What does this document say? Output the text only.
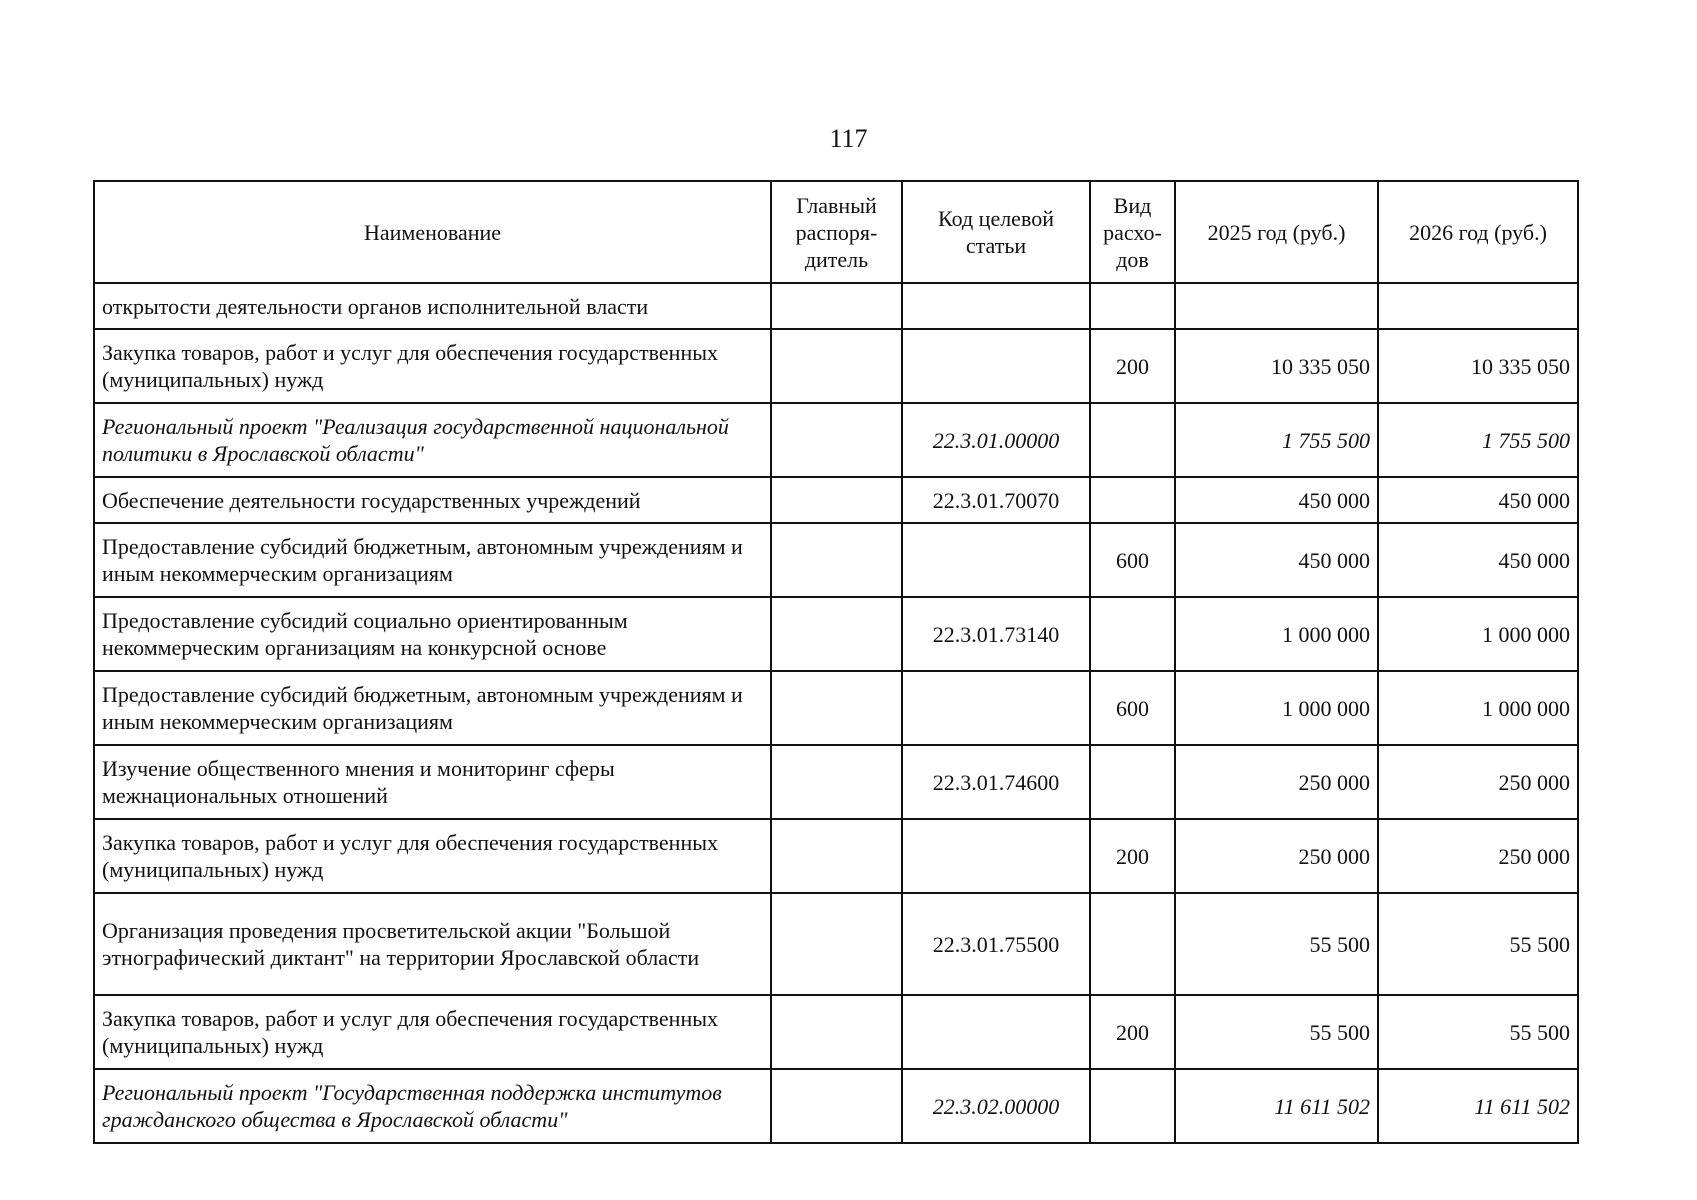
117
Наименование	Главный распоря- дитель	Код целевой статьи	Вид расхо- дов	2025 год (руб.)	2026 год (руб.)
открытости деятельности органов исполнительной власти					
Закупка товаров, работ и услуг для обеспечения государственных (муниципальных) нужд			200	10 335 050	10 335 050
Региональный проект "Реализация государственной национальной политики в Ярославской области"		22.3.01.00000		1 755 500	1 755 500
Обеспечение деятельности государственных учреждений		22.3.01.70070		450 000	450 000
Предоставление субсидий бюджетным, автономным учреждениям и иным некоммерческим организациям			600	450 000	450 000
Предоставление субсидий социально ориентированным некоммерческим организациям на конкурсной основе		22.3.01.73140		1 000 000	1 000 000
Предоставление субсидий бюджетным, автономным учреждениям и иным некоммерческим организациям			600	1 000 000	1 000 000
Изучение общественного мнения и мониторинг сферы межнациональных отношений		22.3.01.74600		250 000	250 000
Закупка товаров, работ и услуг для обеспечения государственных (муниципальных) нужд			200	250 000	250 000
Организация проведения просветительской акции "Большой этнографический диктант" на территории Ярославской области		22.3.01.75500		55 500	55 500
Закупка товаров, работ и услуг для обеспечения государственных (муниципальных) нужд			200	55 500	55 500
Региональный проект "Государственная поддержка институтов гражданского общества в Ярославской области"		22.3.02.00000		11 611 502	11 611 502
